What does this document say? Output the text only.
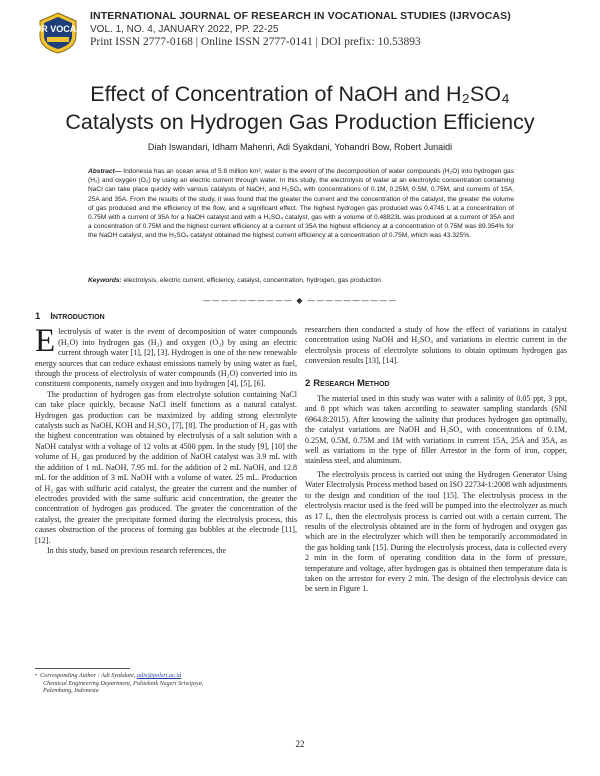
IJR VOCAS
INTERNATIONAL JOURNAL OF RESEARCH IN VOCATIONAL STUDIES (IJRVOCAS)
VOL. 1, NO. 4, JANUARY 2022, PP. 22-25
Print ISSN 2777-0168 | Online ISSN 2777-0141 | DOI prefix: 10.53893
Effect of Concentration of NaOH and H₂SO₄
Catalysts on Hydrogen Gas Production Efficiency
Diah Iswandari, Idham Mahenri, Adi Syakdani, Yohandri Bow, Robert Junaidi
Abstract— Indonesia has an ocean area of 5.8 million km², water is the event of the decomposition of water compounds (H₂O) into hydrogen gas (H₂) and oxygen (O₂) by using an electric current through water. In this study, the electrolysis of water at an electrolytic concentration containing NaCl can take place quickly with various catalysts of NaOH, and H₂SO₄ with concentrations of 0.1M, 0.25M, 0.5M, 0.75M, and currents of 15A, 25A and 35A. From the results of the study, it was found that the greater the current and the concentration of the catalyst, the greater the volume of gas produced and the efficiency of the flow, and a significant effect. The highest hydrogen gas produced was 0.4745 L at a concentration of 0.75M with a current of 35A for a NaOH catalyst and with a H₂SO₄ catalyst, gas with a volume of 0.48823L was produced at a current of 35A and a concentration of 0.75M and the highest current efficiency at a current of 35A the highest efficiency at a concentration of 0.75M was 89.354% for the NaOH catalyst, and the H₂SO₄ catalyst obtained the highest current efficiency at a concentration of 0.75M, which was 43.325%.
Keywords: electrolysis, electric current, efficiency, catalyst, concentration, hydrogen, gas production
—————————— ◆ ——————————
1 Introduction

Electrolysis of water is the event of decomposition of water compounds (H₂O) into hydrogen gas (H₂) and oxygen (O₂) by using an electric current through water [1], [2], [3]. Hydrogen is one of the new renewable energy sources that can reduce exhaust emissions namely by using water as fuel, through the process of electrolysis of water compounds (H₂O) converted into its constituent components, namely oxygen and into hydrogen [4], [5], [6].

The production of hydrogen gas from electrolyte solution containing NaCl can take place quickly, because NaCl itself functions as a natural catalyst. Hydrogen gas production can be maximized by adding strong electrolyte catalysts such as NaOH, KOH and H₂SO₄ [7], [8]. The production of H₂ gas with the highest concentration was obtained by electrolysis of a salt solution with a NaOH catalyst with a voltage of 12 volts at 4500 ppm. In the study [9], [10] the volume of H₂ gas produced by the addition of NaOH catalyst was 3.9 mL with the addition of 1 mL NaOH, 7.95 mL for the addition of 2 mL NaOH, and 12.8 mL for the addition of 3 mL NaOH with a volume of water. 25 mL. Production of H₂ gas with sulfuric acid catalyst, the greater the current and the number of electrodes provided with the same sulfuric acid concentration, the greater the concentration of hydrogen gas produced. The greater the concentration of the catalyst, the greater the precipitate formed during the electrolysis process, this causes obstruction of the process of forming gas bubbles at the electrode [11], [12].

In this study, based on previous research references, the

researchers then conducted a study of how the effect of variations in catalyst concentration using NaOH and H₂SO₄ and variations in electric current in the electrolysis process of electrolyte solutions to obtain optimum hydrogen gas conversion results [13], [14].

2 Research Method

The material used in this study was water with a salinity of 0.05 ppt, 3 ppt, and 8 ppt which was taken according to seawater sampling standards (SNI 6964.8:2015). After knowing the salinity that produces hydrogen gas optimally, the catalyst variations are NaOH and H₂SO₄ with concentrations of 0.1M, 0.25M, 0.5M, 0.75M and 1M with variations in current 15A, 25A and 35A, as well as variations in the type of filler Arrestor in the form of iron, copper, stainless steel, and aluminum.

The electrolysis process is carried out using the Hydrogen Generator Using Water Electrolysis Process method based on ISO 22734-1:2008 with adjustments to the design and condition of the tool [15]. The electrolysis process in the electrolysis reactor used is the feed will be pumped into the electrolyzer as much as 17 L, then the electrolysis process is carried out with a certain current. The results of the electrolysis obtained are in the form of hydrogen and oxygen gas which are in the electrolyzer which will then be temporarily accommodated in the gas holding tank [15]. During the electrolysis process, data is collected every 2 min in the form of operating condition data in the form of pressure, temperature and voltage, after hydrogen gas is obtained then temperature data is taken on the arrestor for every 2 min. The design of the electrolysis device can be seen in Figure 1.

• Corresponding Author : Adi Syakdani, adis@polsri.ac.id
Chemical Engineering Department, Politeknik Negeri Sriwijaya,
Palembang, Indonesia
22
